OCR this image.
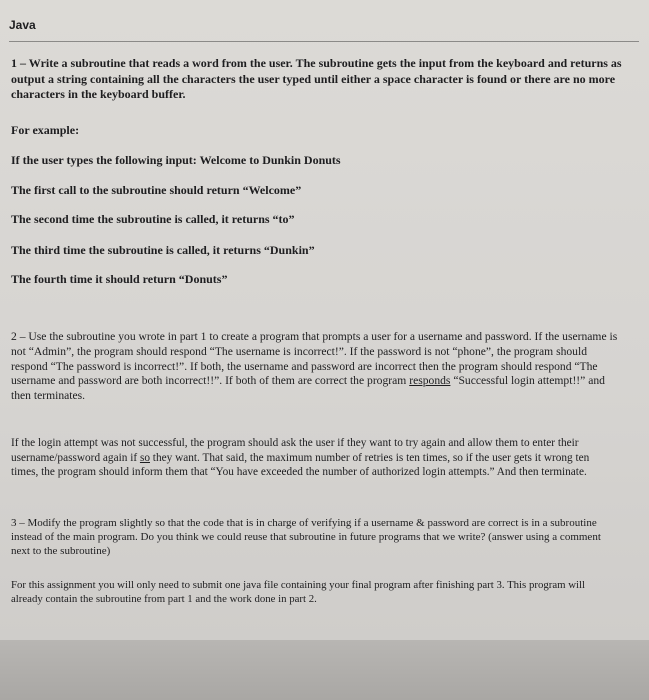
Java
1 – Write a subroutine that reads a word from the user. The subroutine gets the input from the keyboard and returns as output a string containing all the characters the user typed until either a space character is found or there are no more characters in the keyboard buffer.
For example:
If the user types the following input: Welcome to Dunkin Donuts
The first call to the subroutine should return “Welcome”
The second time the subroutine is called, it returns “to”
The third time the subroutine is called, it returns “Dunkin”
The fourth time it should return “Donuts”
2 – Use the subroutine you wrote in part 1 to create a program that prompts a user for a username and password. If the username is not “Admin”, the program should respond “The username is incorrect!”. If the password is not “phone”, the program should respond “The password is incorrect!”. If both, the username and password are incorrect then the program should respond “The username and password are both incorrect!!”. If both of them are correct the program responds “Successful login attempt!!” and then terminates.
If the login attempt was not successful, the program should ask the user if they want to try again and allow them to enter their username/password again if so they want. That said, the maximum number of retries is ten times, so if the user gets it wrong ten times, the program should inform them that “You have exceeded the number of authorized login attempts.” And then terminate.
3 – Modify the program slightly so that the code that is in charge of verifying if a username & password are correct is in a subroutine instead of the main program. Do you think we could reuse that subroutine in future programs that we write? (answer using a comment next to the subroutine)
For this assignment you will only need to submit one java file containing your final program after finishing part 3. This program will already contain the subroutine from part 1 and the work done in part 2.
